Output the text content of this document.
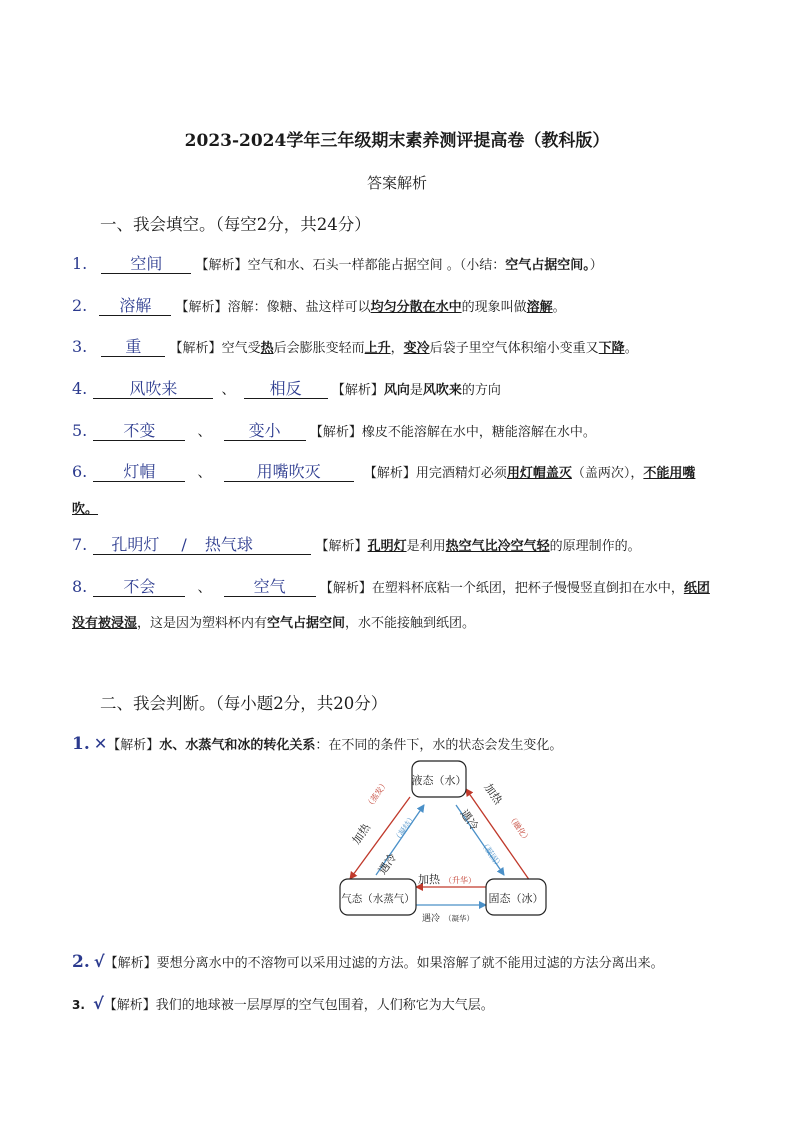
2023-2024学年三年级期末素养测评提高卷（教科版）
答案解析
一、我会填空。（每空2分，共24分）
1.	空间	【解析】空气和水、石头一样都能占据空间 。（小结：空气占据空间。）
2. 溶解 【解析】溶解：像糖、盐这样可以均匀分散在水中的现象叫做溶解。
3. 重 【解析】空气受热后会膨胀变轻而上升，变冷后袋子里空气体积缩小变重又下降。
4.	风吹来	、 相反 【解析】风向是风吹来的方向
5. 不变	、 变小 【解析】橡皮不能溶解在水中，糖能溶解在水中。
6. 灯帽	、	用嘴吹灭	【解析】用完酒精灯必须用灯帽盖灭（盖两次），不能用嘴
吹。
7. 孔明灯 / 热气球	【解析】孔明灯是利用热空气比冷空气轻的原理制作的。
8. 不会	、	空气	【解析】在塑料杯底粘一个纸团，把杯子慢慢竖直倒扣在水中，纸团
没有被浸湿，这是因为塑料杯内有空气占据空间，水不能接触到纸团。
二、我会判断。（每小题2分，共20分）
1. ✕【解析】水、水蒸气和冰的转化关系：在不同的条件下，水的状态会发生变化。
液态（水）
气态（水蒸气）	固态（冰）
加热
（蒸发）
遇冷
（凝结）
加热
（融化）
遇冷
（凝固）
加热 （升华）
遇冷 （凝华）
2. √【解析】要想分离水中的不溶物可以采用过滤的方法。如果溶解了就不能用过滤的方法分离出来。
3. √【解析】我们的地球被一层厚厚的空气包围着，人们称它为大气层。
